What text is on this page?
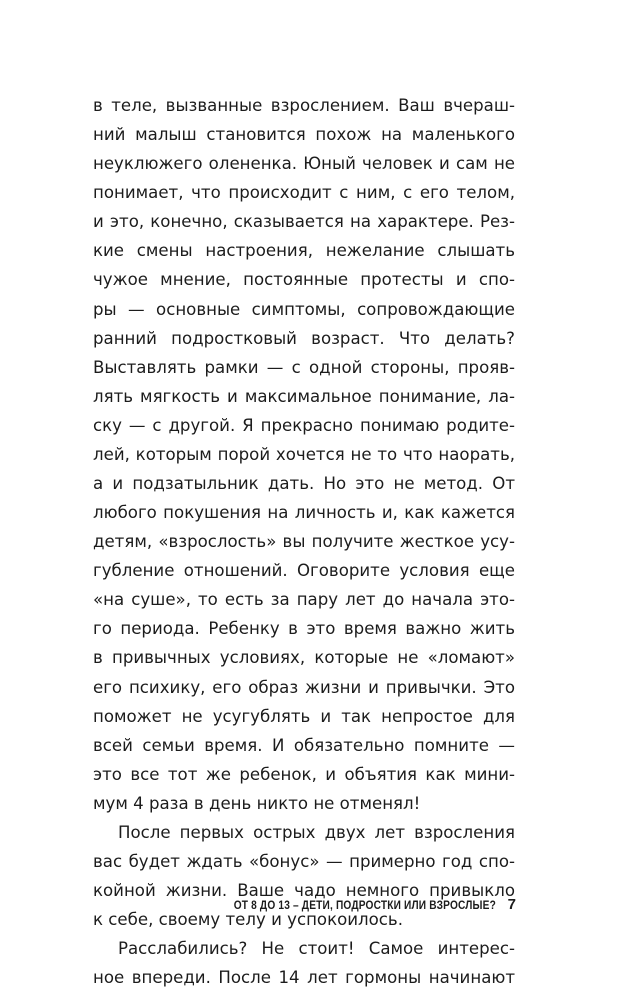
в теле, вызванные взрослением. Ваш вчераш-
ний малыш становится похож на маленького
неуклюжего олененка. Юный человек и сам не
понимает, что происходит с ним, с его телом,
и это, конечно, сказывается на характере. Рез-
кие смены настроения, нежелание слышать
чужое мнение, постоянные протесты и спо-
ры — основные симптомы, сопровождающие
ранний подростковый возраст. Что делать?
Выставлять рамки — с одной стороны, прояв-
лять мягкость и максимальное понимание, ла-
ску — с другой. Я прекрасно понимаю родите-
лей, которым порой хочется не то что наорать,
а и подзатыльник дать. Но это не метод. От
любого покушения на личность и, как кажется
детям, «взрослость» вы получите жесткое усу-
губление отношений. Оговорите условия еще
«на суше», то есть за пару лет до начала это-
го периода. Ребенку в это время важно жить
в привычных условиях, которые не «ломают»
его психику, его образ жизни и привычки. Это
поможет не усугублять и так непростое для
всей семьи время. И обязательно помните —
это все тот же ребенок, и объятия как мини-
мум 4 раза в день никто не отменял!
После первых острых двух лет взросления
вас будет ждать «бонус» — примерно год спо-
койной жизни. Ваше чадо немного привыкло
к себе, своему телу и успокоилось.
Расслабились? Не стоит! Самое интерес-
ное впереди. После 14 лет гормоны начинают
ОТ 8 ДО 13 – ДЕТИ, ПОДРОСТКИ ИЛИ ВЗРОСЛЫЕ? 7
